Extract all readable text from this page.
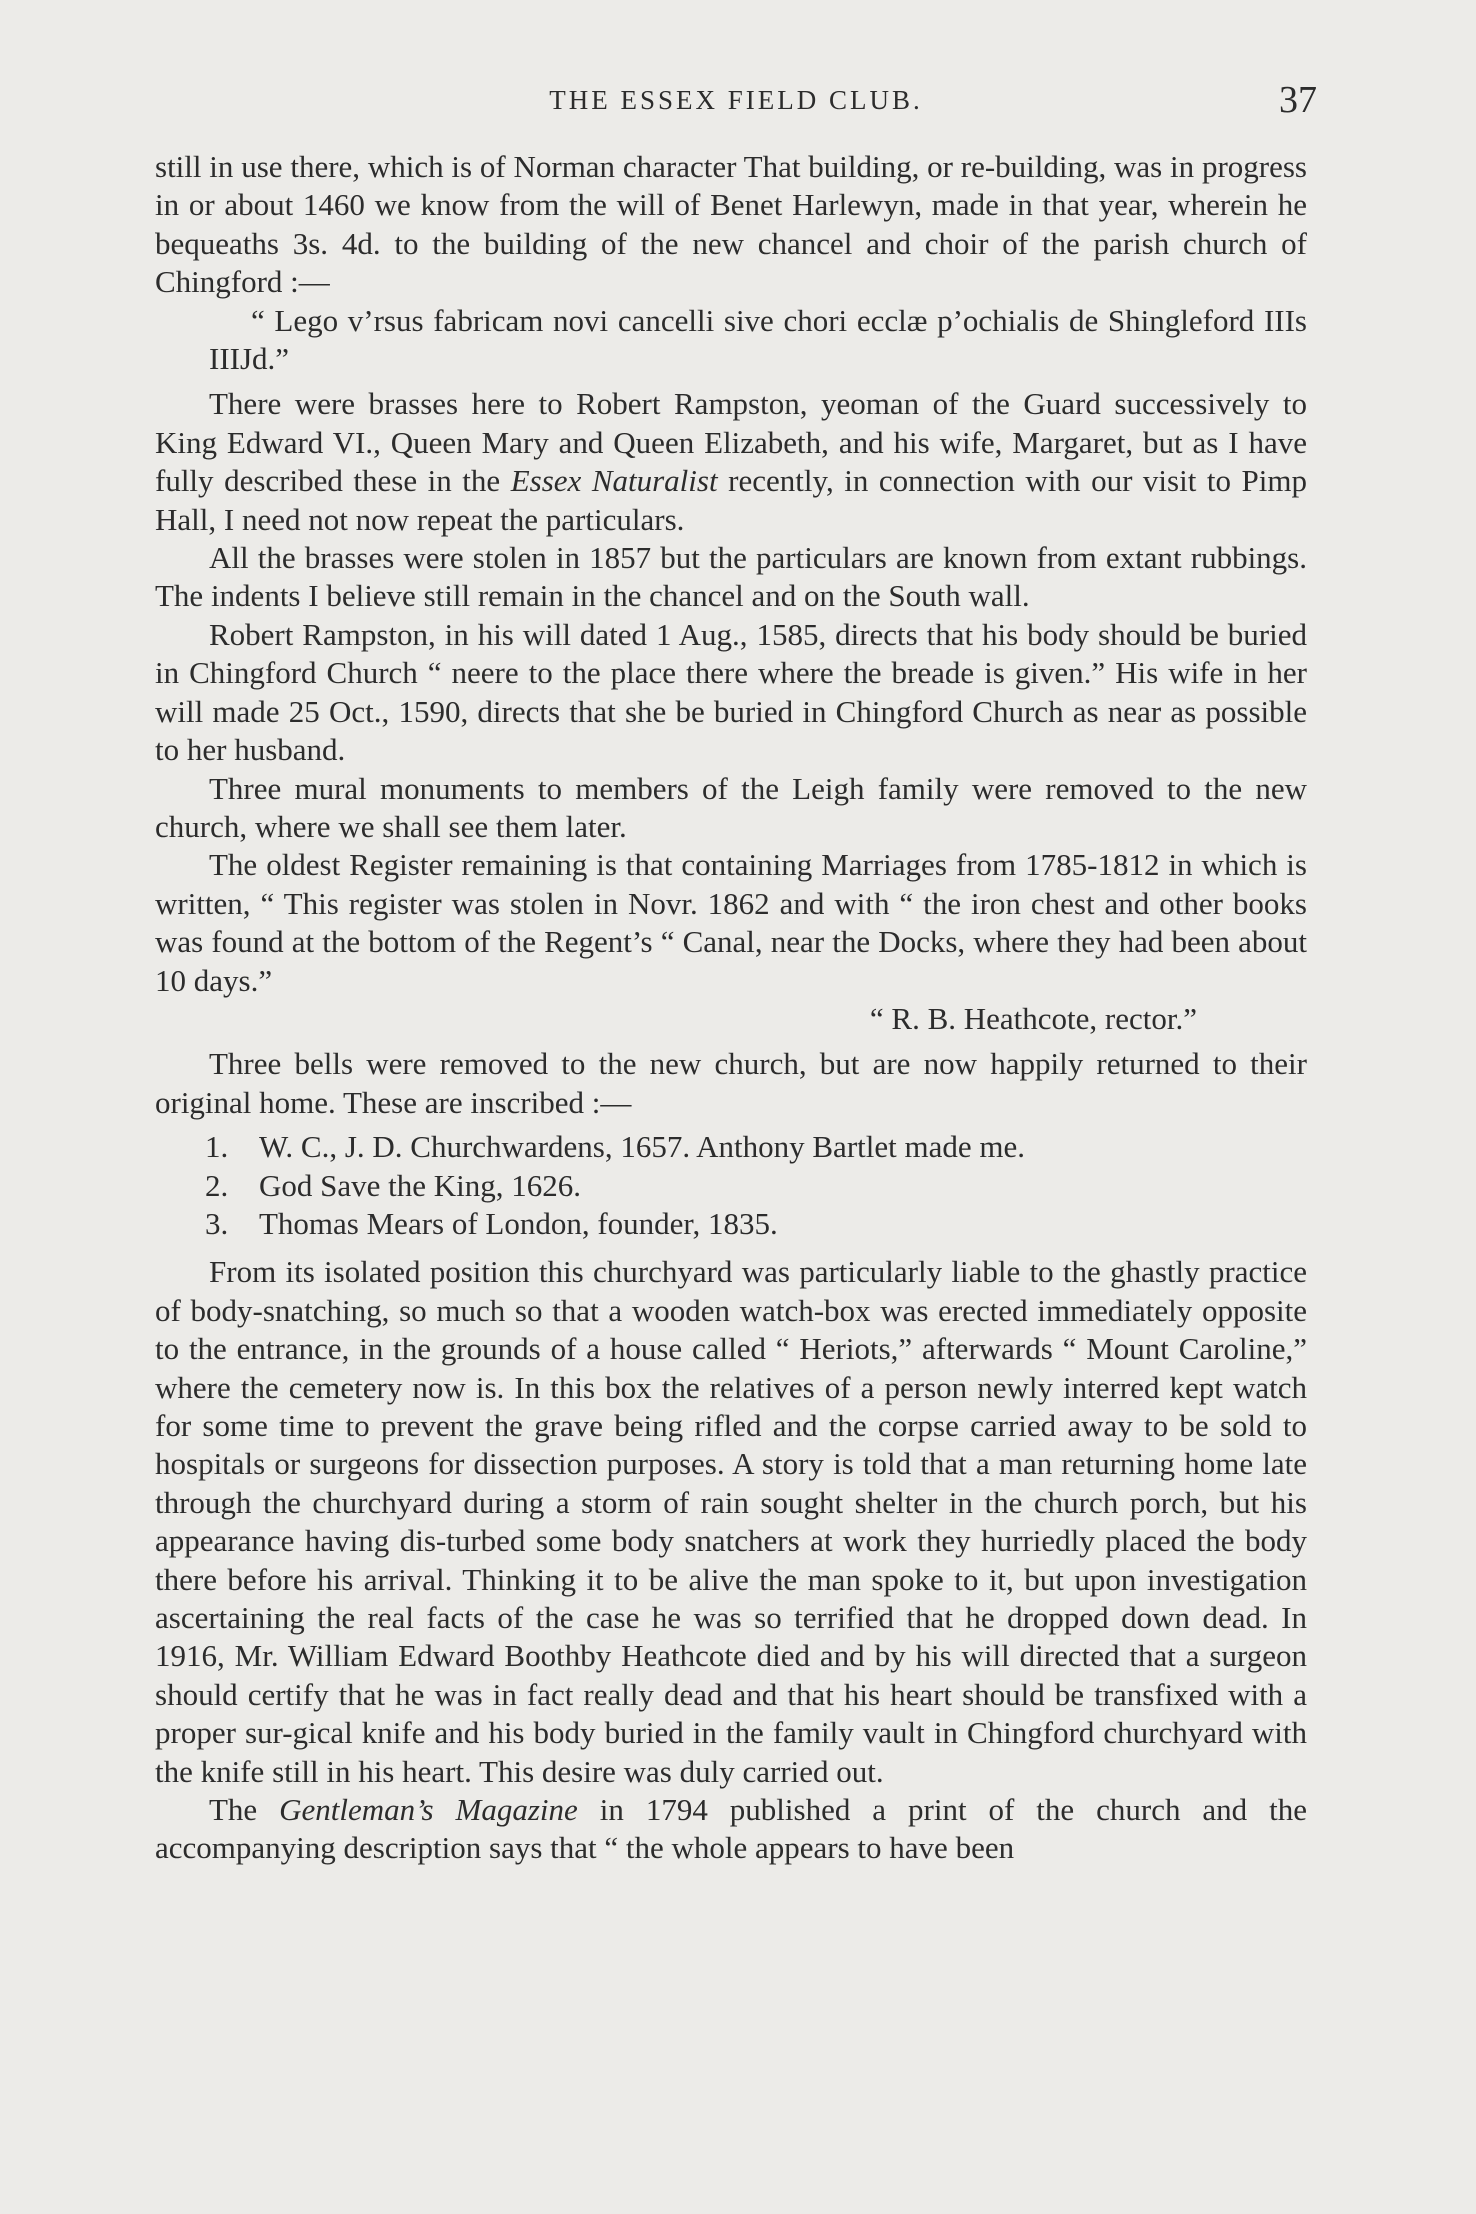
THE ESSEX FIELD CLUB.	37

still in use there, which is of Norman character That building, or re-building, was in progress in or about 1460 we know from the will of Benet Harlewyn, made in that year, wherein he bequeaths 3s. 4d. to the building of the new chancel and choir of the parish church of Chingford :—

“ Lego v’rsus fabricam novi cancelli sive chori ecclæ p’ochialis de Shingleford IIIs IIIJd.”

There were brasses here to Robert Rampston, yeoman of the Guard successively to King Edward VI., Queen Mary and Queen Elizabeth, and his wife, Margaret, but as I have fully described these in the Essex Naturalist recently, in connection with our visit to Pimp Hall, I need not now repeat the particulars.

All the brasses were stolen in 1857 but the particulars are known from extant rubbings. The indents I believe still remain in the chancel and on the South wall.

Robert Rampston, in his will dated 1 Aug., 1585, directs that his body should be buried in Chingford Church “ neere to the place there where the breade is given.” His wife in her will made 25 Oct., 1590, directs that she be buried in Chingford Church as near as possible to her husband.

Three mural monuments to members of the Leigh family were removed to the new church, where we shall see them later.

The oldest Register remaining is that containing Marriages from 1785-1812 in which is written, “ This register was stolen in Novr. 1862 and with “ the iron chest and other books was found at the bottom of the Regent’s “ Canal, near the Docks, where they had been about 10 days.”

“ R. B. Heathcote, rector.”

Three bells were removed to the new church, but are now happily returned to their original home. These are inscribed :—

1. W. C., J. D. Churchwardens, 1657. Anthony Bartlet made me.
2. God Save the King, 1626.
3. Thomas Mears of London, founder, 1835.

From its isolated position this churchyard was particularly liable to the ghastly practice of body-snatching, so much so that a wooden watch-box was erected immediately opposite to the entrance, in the grounds of a house called “ Heriots,” afterwards “ Mount Caroline,” where the cemetery now is. In this box the relatives of a person newly interred kept watch for some time to prevent the grave being rifled and the corpse carried away to be sold to hospitals or surgeons for dissection purposes. A story is told that a man returning home late through the churchyard during a storm of rain sought shelter in the church porch, but his appearance having dis-turbed some body snatchers at work they hurriedly placed the body there before his arrival. Thinking it to be alive the man spoke to it, but upon investigation ascertaining the real facts of the case he was so terrified that he dropped down dead. In 1916, Mr. William Edward Boothby Heathcote died and by his will directed that a surgeon should certify that he was in fact really dead and that his heart should be transfixed with a proper sur-gical knife and his body buried in the family vault in Chingford churchyard with the knife still in his heart. This desire was duly carried out.

The Gentleman’s Magazine in 1794 published a print of the church and the accompanying description says that “ the whole appears to have been
